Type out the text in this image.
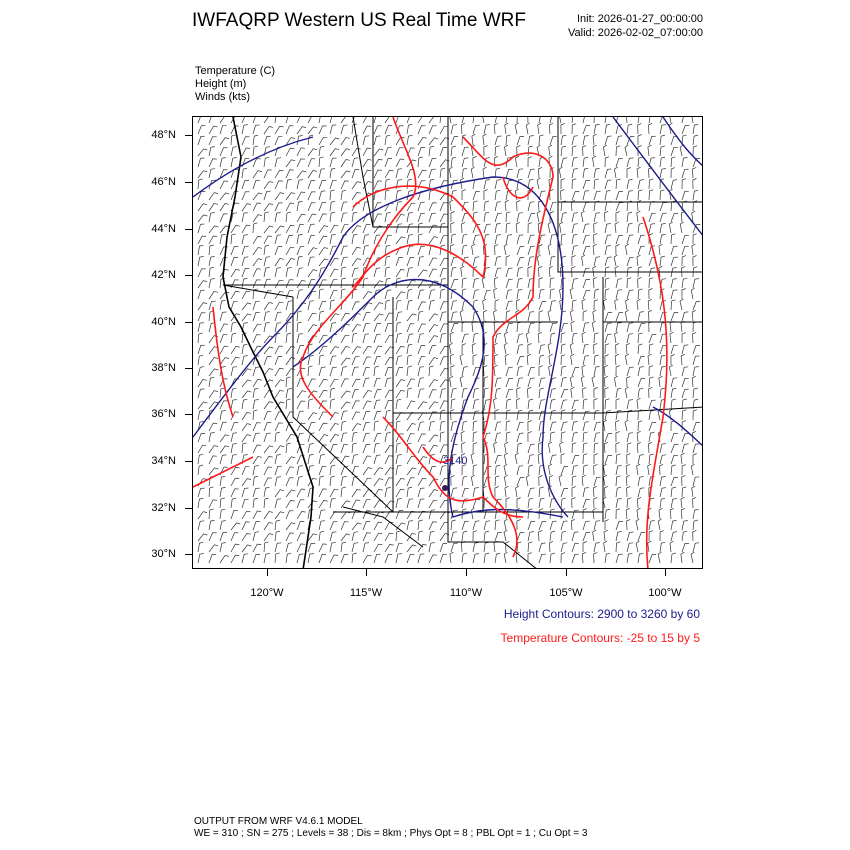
IWFAQRP Western US Real Time WRF	Init: 2026-01-27_00:00:00
Valid: 2026-02-02_07:00:00
Temperature (C)
Height (m)
Winds (kts)
3140
48°N
46°N
44°N
42°N
40°N
38°N
36°N
34°N
32°N
30°N
120°W	115°W	110°W	105°W	100°W
Height Contours: 2900 to 3260 by 60
Temperature Contours: -25 to 15 by 5
OUTPUT FROM WRF V4.6.1 MODEL
WE = 310 ; SN = 275 ; Levels = 38 ; Dis = 8km ; Phys Opt = 8 ; PBL Opt = 1 ; Cu Opt = 3
